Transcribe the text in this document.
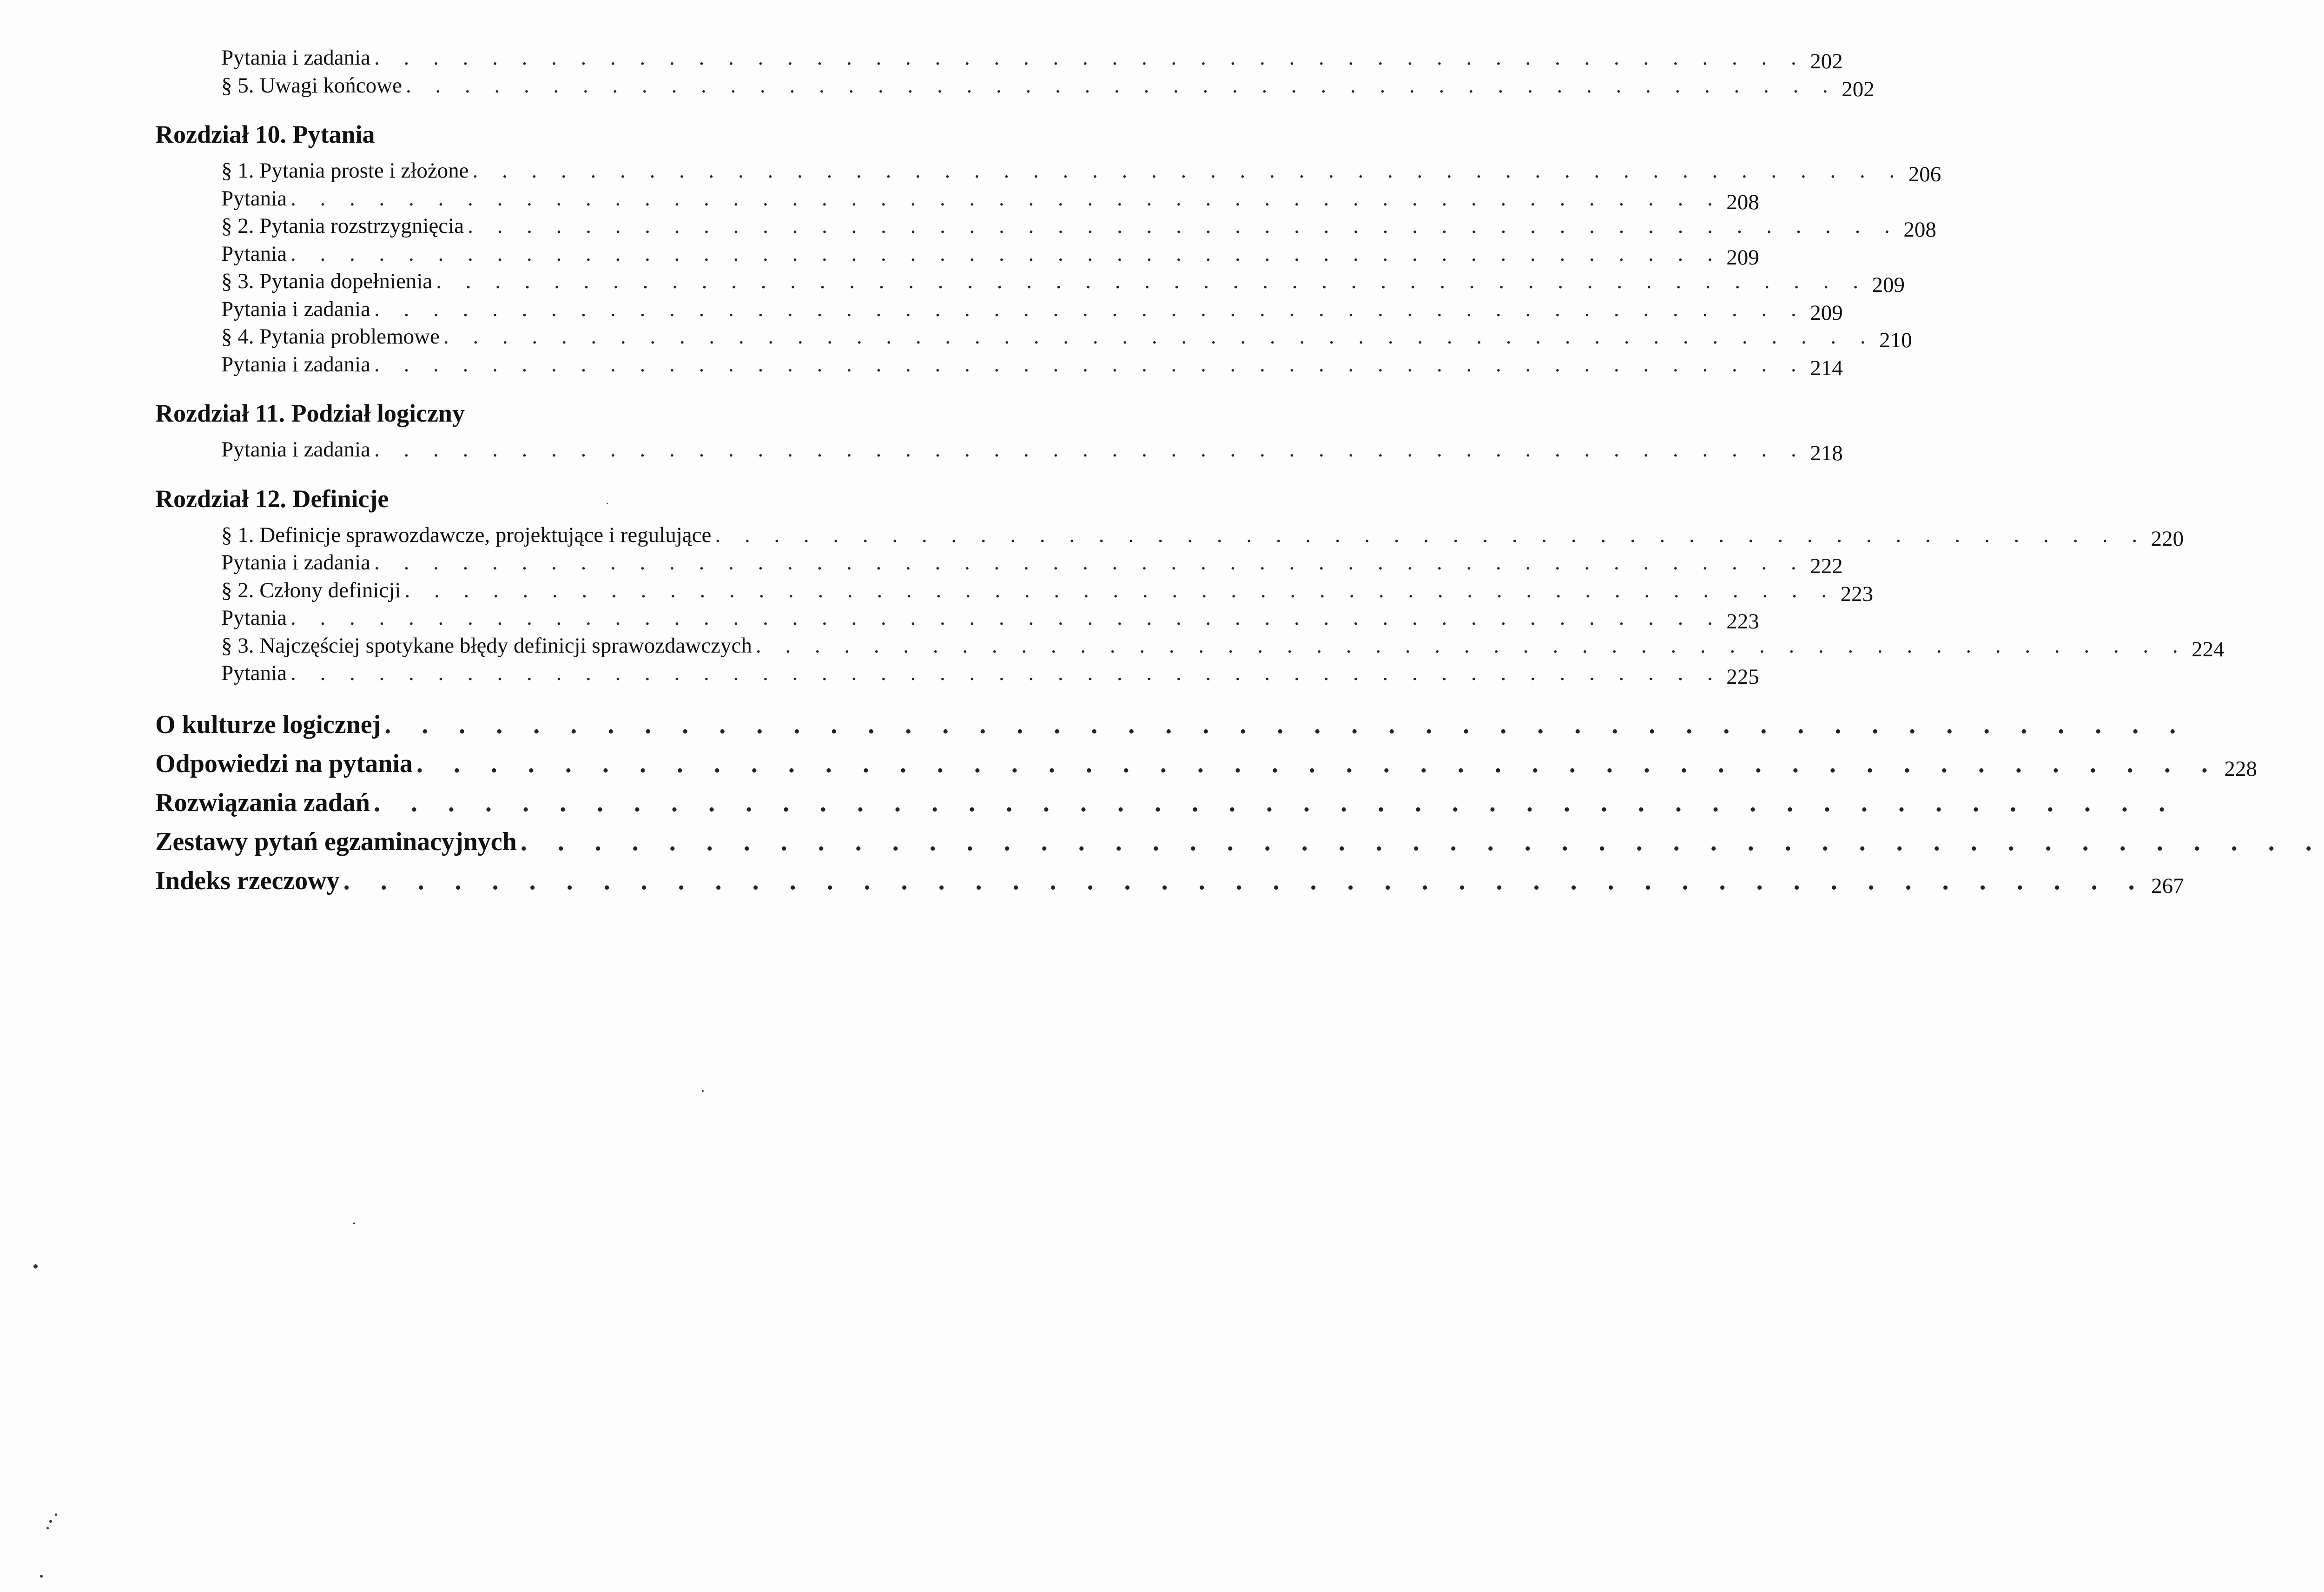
Pytania i zadania . . . . . . . . . . . . . . . . . . . . . . . . . . . . . . . . . . . . . . . . . . . . . . . . . 202
§ 5. Uwagi końcowe . . . . . . . . . . . . . . . . . . . . . . . . . . . . . . . . . . . . . . . . . . . . . . . . . 202
Rozdział 10. Pytania
§ 1. Pytania proste i złożone . . . . . . . . . . . . . . . . . . . . . . . . . . . . . . . . . . . . . . . . . . . . . . . . . 206
Pytania . . . . . . . . . . . . . . . . . . . . . . . . . . . . . . . . . . . . . . . . . . . . . . . . . 208
§ 2. Pytania rozstrzygnięcia . . . . . . . . . . . . . . . . . . . . . . . . . . . . . . . . . . . . . . . . . . . . . . . . . 208
Pytania . . . . . . . . . . . . . . . . . . . . . . . . . . . . . . . . . . . . . . . . . . . . . . . . . 209
§ 3. Pytania dopełnienia . . . . . . . . . . . . . . . . . . . . . . . . . . . . . . . . . . . . . . . . . . . . . . . . . 209
Pytania i zadania . . . . . . . . . . . . . . . . . . . . . . . . . . . . . . . . . . . . . . . . . . . . . . . . . 209
§ 4. Pytania problemowe . . . . . . . . . . . . . . . . . . . . . . . . . . . . . . . . . . . . . . . . . . . . . . . . . 210
Pytania i zadania . . . . . . . . . . . . . . . . . . . . . . . . . . . . . . . . . . . . . . . . . . . . . . . . . 214
Rozdział 11. Podział logiczny
Pytania i zadania . . . . . . . . . . . . . . . . . . . . . . . . . . . . . . . . . . . . . . . . . . . . . . . . . 218
Rozdział 12. Definicje
§ 1. Definicje sprawozdawcze, projektujące i regulujące . . . . . . . . . . . . . . . . . . . . . . . . . . . . . . . . . . . . . . . . . . . . . . . . . 220
Pytania i zadania . . . . . . . . . . . . . . . . . . . . . . . . . . . . . . . . . . . . . . . . . . . . . . . . . 222
§ 2. Człony definicji . . . . . . . . . . . . . . . . . . . . . . . . . . . . . . . . . . . . . . . . . . . . . . . . . 223
Pytania . . . . . . . . . . . . . . . . . . . . . . . . . . . . . . . . . . . . . . . . . . . . . . . . . 223
§ 3. Najczęściej spotykane błędy definicji sprawozdawczych . . . . . . . . . . . . . . . . . . . . . . . . . . . . . . . . . . . . . . . . . . . . . . . . . 224
Pytania . . . . . . . . . . . . . . . . . . . . . . . . . . . . . . . . . . . . . . . . . . . . . . . . . 225
O kulturze logicznej . . . . . . . . . . . . . . . . . . . . . . . . . . . . . . . . . . . . . . . . . . . . . . . . .
Odpowiedzi na pytania . . . . . . . . . . . . . . . . . . . . . . . . . . . . . . . . . . . . . . . . . . . . . . . . . 228
Rozwiązania zadań . . . . . . . . . . . . . . . . . . . . . . . . . . . . . . . . . . . . . . . . . . . . . . . . .
Zestawy pytań egzaminacyjnych . . . . . . . . . . . . . . . . . . . . . . . . . . . . . . . . . . . . . . . . . . . . . . . . .
Indeks rzeczowy . . . . . . . . . . . . . . . . . . . . . . . . . . . . . . . . . . . . . . . . . . . . . . . . . 267
